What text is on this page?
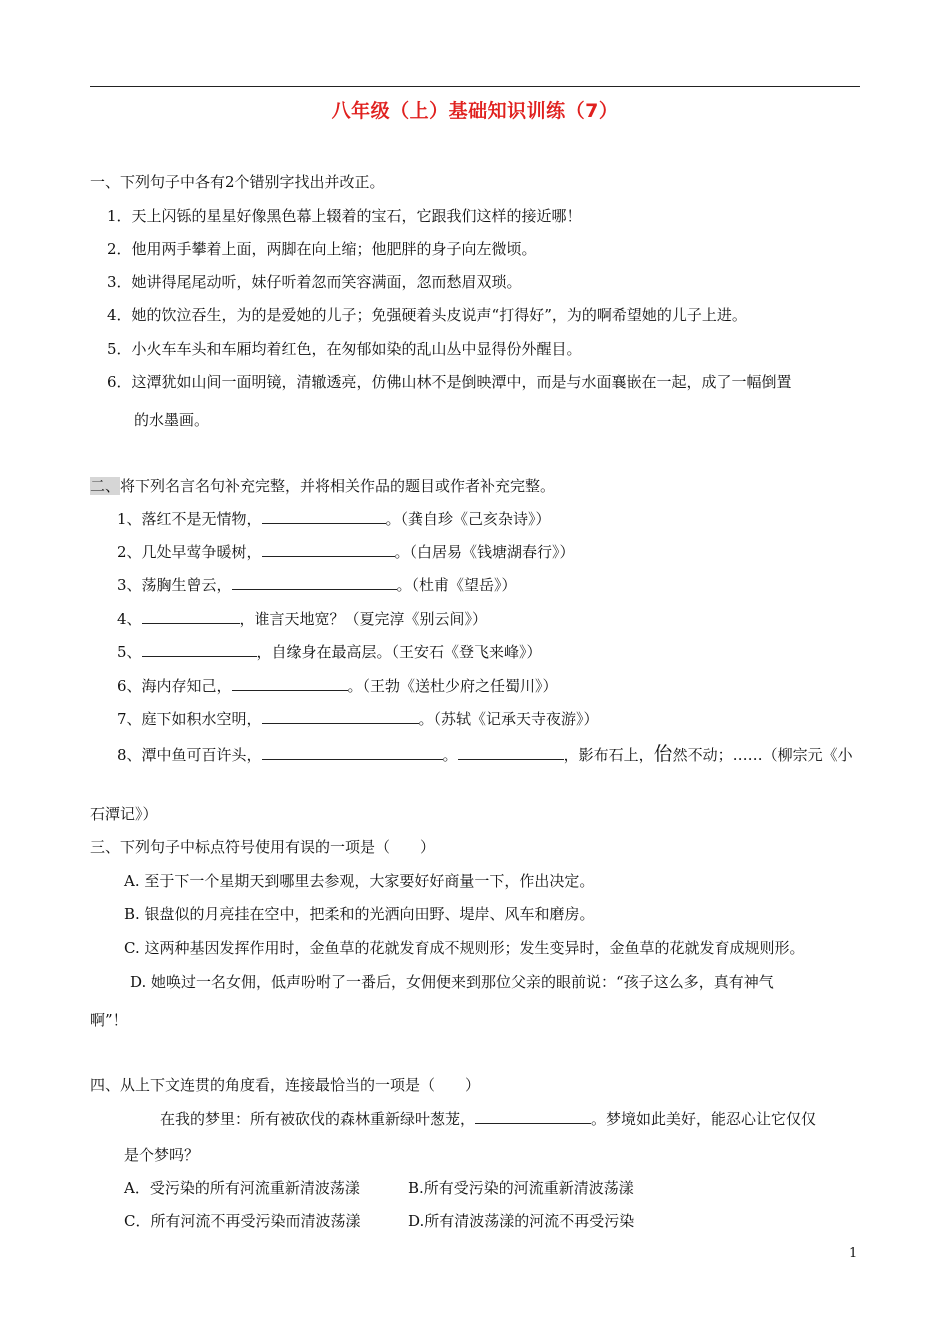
八年级（上）基础知识训练（7）
一、下列句子中各有2个错别字找出并改正。
1．天上闪铄的星星好像黑色幕上辍着的宝石，它跟我们这样的接近哪！
2．他用两手攀着上面，两脚在向上缩；他肥胖的身子向左微顷。
3．她讲得尾尾动听，妹仔听着忽而笑容满面，忽而愁眉双琐。
4．她的饮泣吞生，为的是爱她的儿子；免强硬着头皮说声“打得好”，为的啊希望她的儿子上进。
5．小火车车头和车厢均着红色，在匆郁如染的乱山丛中显得份外醒目。
6．这潭犹如山间一面明镜，清辙透亮，仿佛山林不是倒映潭中，而是与水面襄嵌在一起，成了一幅倒置
的水墨画。
二、将下列名言名句补充完整，并将相关作品的题目或作者补充完整。
1、落红不是无情物，	。（龚自珍《己亥杂诗》）
2、几处早莺争暖树，	。（白居易《钱塘湖春行》）
3、荡胸生曾云，	。（杜甫《望岳》）
4、	，谁言天地宽？（夏完淳《别云间》）
5、	，自缘身在最高层。（王安石《登飞来峰》）
6、海内存知己，	。（王勃《送杜少府之任蜀川》）
7、庭下如积水空明，	。（苏轼《记承天寺夜游》）
8、潭中鱼可百许头，	。	，影布石上，佁然不动；……（柳宗元《小
石潭记》）
三、下列句子中标点符号使用有误的一项是（　　）
A. 至于下一个星期天到哪里去参观，大家要好好商量一下，作出决定。
B. 银盘似的月亮挂在空中，把柔和的光洒向田野、堤岸、风车和磨房。
C. 这两种基因发挥作用时，金鱼草的花就发育成不规则形；发生变异时，金鱼草的花就发育成规则形。
D. 她唤过一名女佣，低声吩咐了一番后，女佣便来到那位父亲的眼前说：“孩子这么多，真有神气
啊”！
四、从上下文连贯的角度看，连接最恰当的一项是（　　）
在我的梦里：所有被砍伐的森林重新绿叶葱茏，	。梦境如此美好，能忍心让它仅仅
是个梦吗？
A．受污染的所有河流重新清波荡漾	B.所有受污染的河流重新清波荡漾
C．所有河流不再受污染而清波荡漾	D.所有清波荡漾的河流不再受污染
1
